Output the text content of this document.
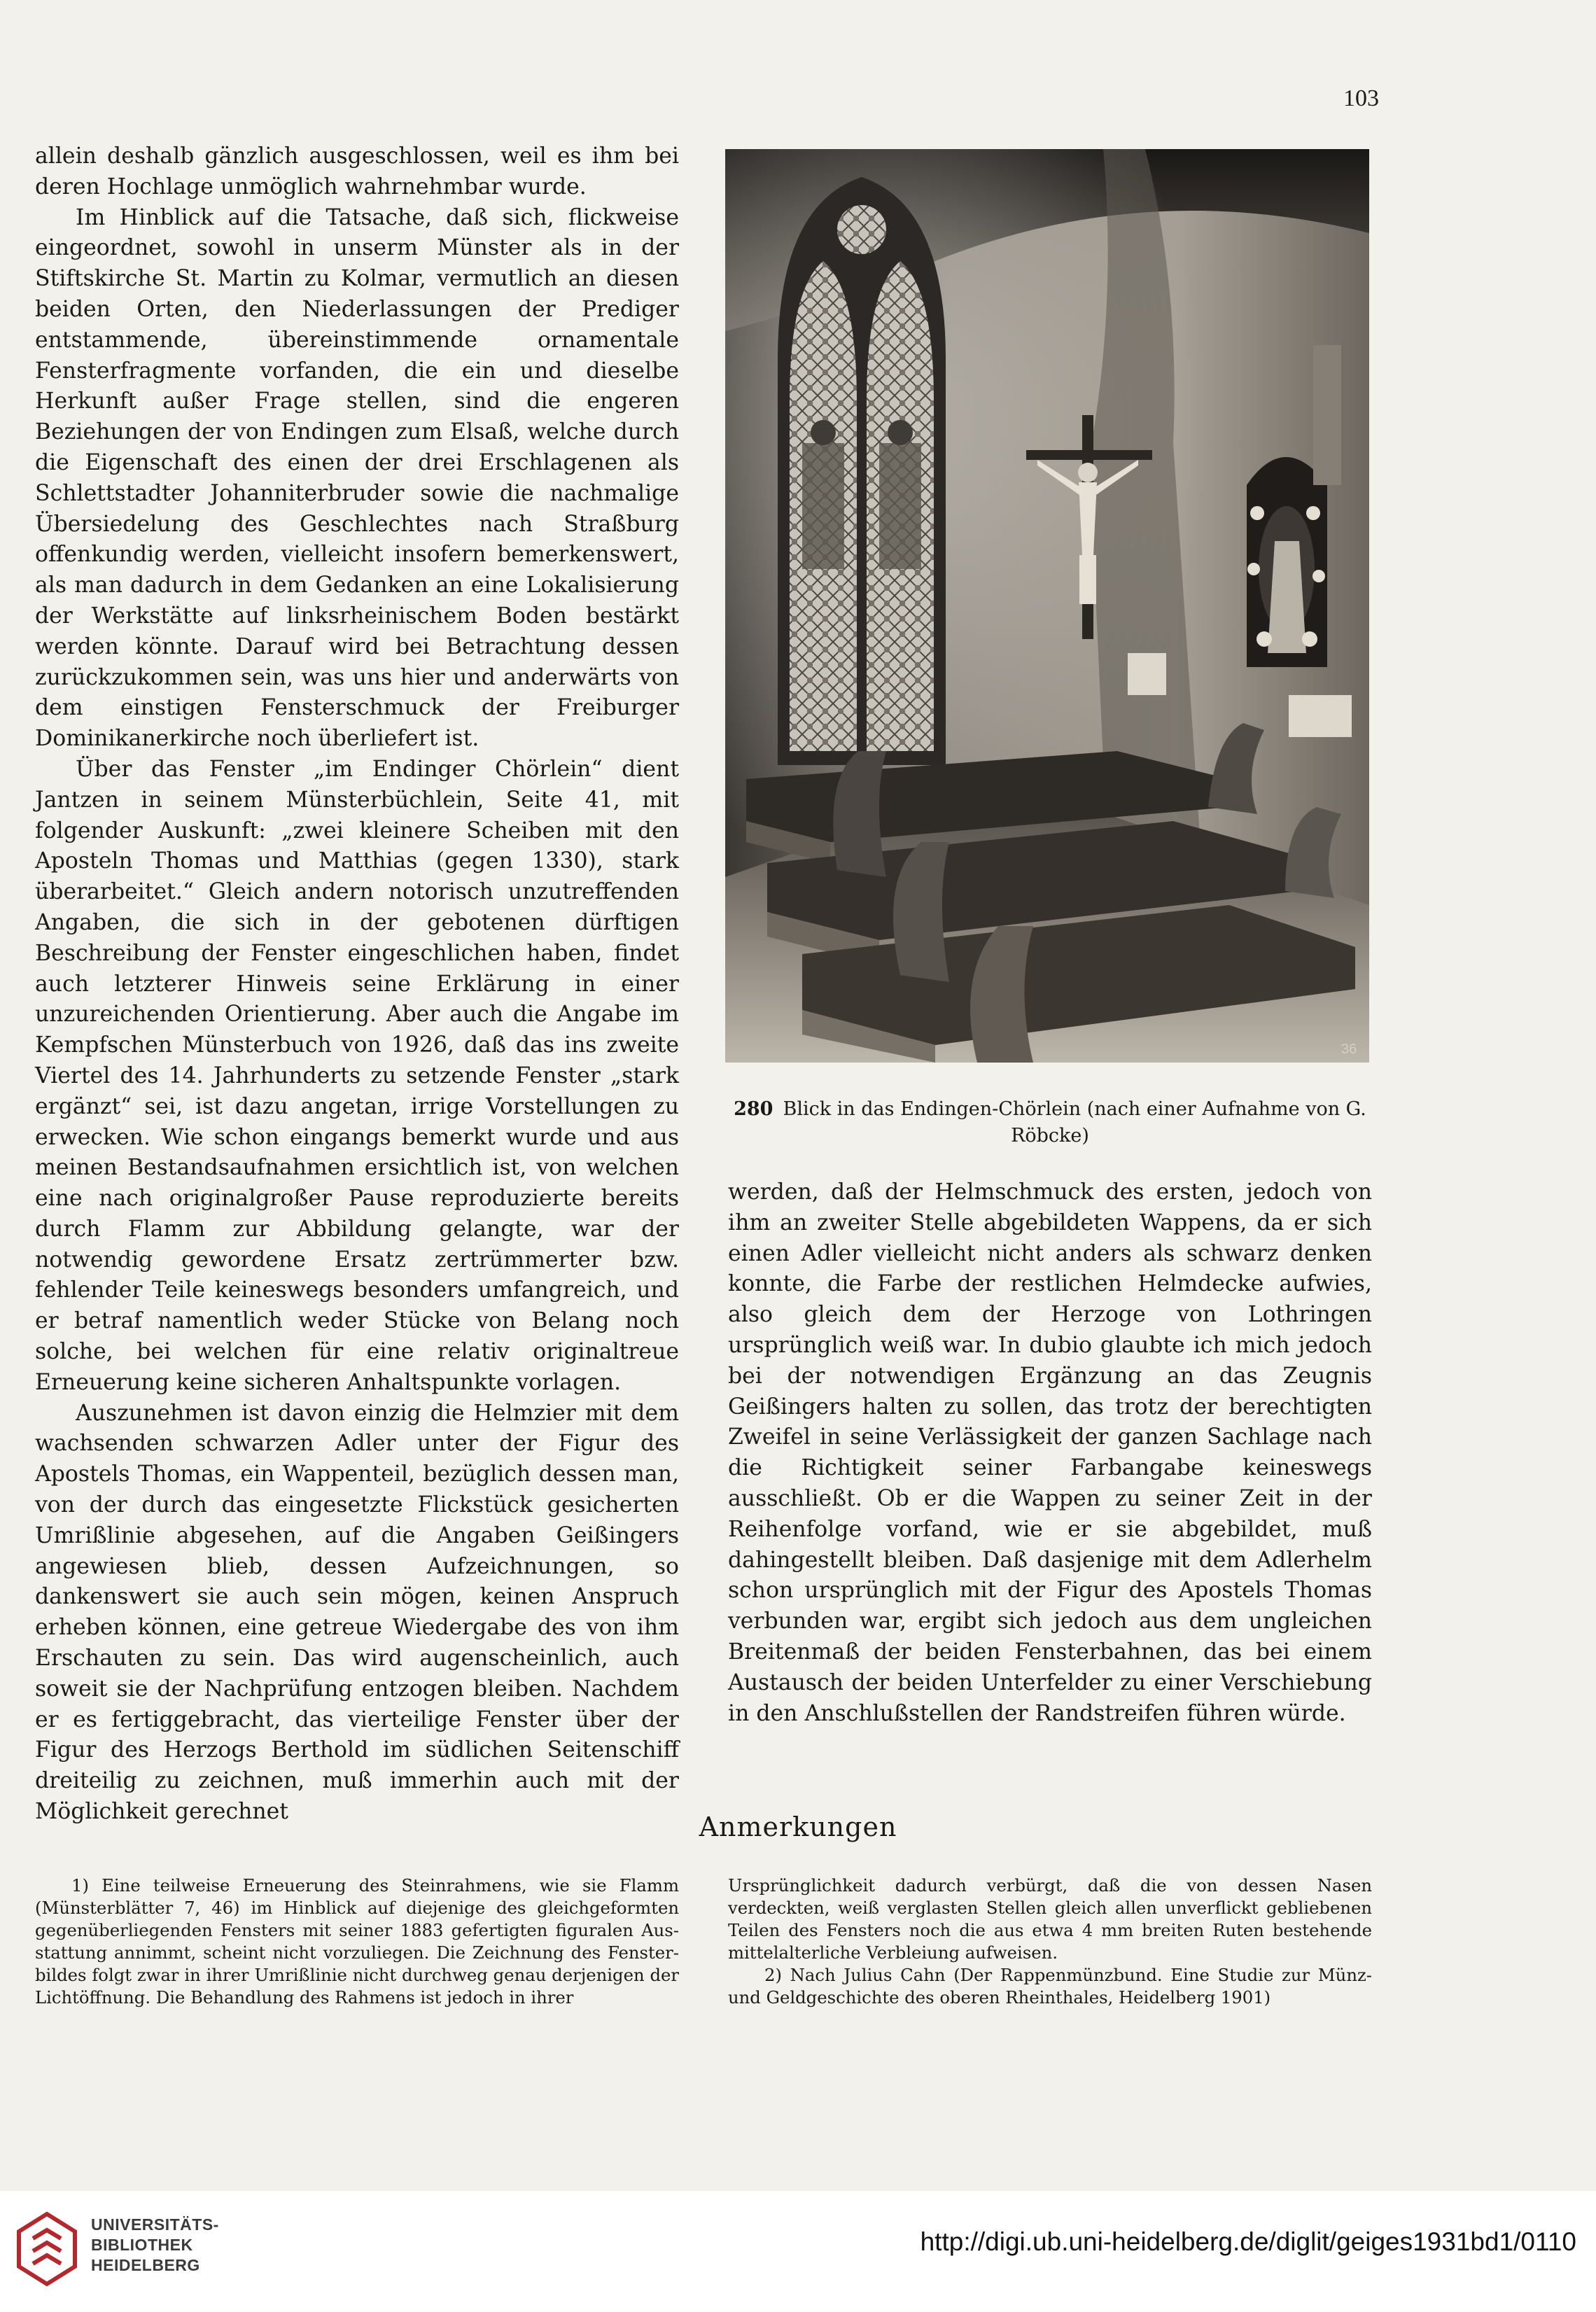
103

allein deshalb gänzlich ausgeschlossen, weil es ihm bei deren Hochlage unmöglich wahrnehmbar wurde.

Im Hinblick auf die Tatsache, daß sich, flickweise eingeordnet, sowohl in unserm Münster als in der Stiftskirche St. Martin zu Kolmar, vermutlich an diesen beiden Orten, den Niederlassungen der Prediger entstammende, übereinstimmende ornamentale Fensterfragmente vorfanden, die ein und dieselbe Herkunft außer Frage stellen, sind die engeren Beziehungen der von Endingen zum Elsaß, welche durch die Eigenschaft des einen der drei Erschlagenen als Schlettstadter Johanniterbruder sowie die nachmalige Übersiedelung des Geschlechtes nach Straßburg offenkundig werden, vielleicht insofern bemerkenswert, als man dadurch in dem Gedanken an eine Lokalisierung der Werkstätte auf linksrheinischem Boden bestärkt werden könnte. Darauf wird bei Betrachtung dessen zurückzukommen sein, was uns hier und anderwärts von dem einstigen Fensterschmuck der Freiburger Dominikanerkirche noch überliefert ist.

Über das Fenster „im Endinger Chörlein“ dient Jantzen in seinem Münsterbüchlein, Seite 41, mit folgender Auskunft: „zwei kleinere Scheiben mit den Aposteln Thomas und Matthias (gegen 1330), stark überarbeitet.“ Gleich andern notorisch unzutreffenden Angaben, die sich in der gebotenen dürftigen Beschreibung der Fenster eingeschlichen haben, findet auch letzterer Hinweis seine Erklärung in einer unzureichenden Orientierung. Aber auch die Angabe im Kempfschen Münsterbuch von 1926, daß das ins zweite Viertel des 14. Jahrhunderts zu setzende Fenster „stark ergänzt“ sei, ist dazu angetan, irrige Vorstellungen zu erwecken. Wie schon eingangs bemerkt wurde und aus meinen Bestandsaufnahmen ersichtlich ist, von welchen eine nach originalgroßer Pause reproduzierte bereits durch Flamm zur Abbildung gelangte, war der notwendig gewordene Ersatz zertrümmerter bzw. fehlender Teile keineswegs besonders umfangreich, und er betraf namentlich weder Stücke von Belang noch solche, bei welchen für eine relativ originaltreue Erneuerung keine sicheren Anhaltspunkte vorlagen.

Auszunehmen ist davon einzig die Helmzier mit dem wachsenden schwarzen Adler unter der Figur des Apostels Thomas, ein Wappenteil, bezüglich dessen man, von der durch das eingesetzte Flickstück gesicherten Umrißlinie abgesehen, auf die Angaben Geißingers angewiesen blieb, dessen Aufzeichnungen, so dankenswert sie auch sein mögen, keinen Anspruch erheben können, eine getreue Wiedergabe des von ihm Erschauten zu sein. Das wird augenscheinlich, auch soweit sie der Nachprüfung entzogen bleiben. Nachdem er es fertiggebracht, das vierteilige Fenster über der Figur des Herzogs Berthold im südlichen Seitenschiff dreiteilig zu zeichnen, muß immerhin auch mit der Möglichkeit gerechnet

36
280 Blick in das Endingen-Chörlein (nach einer Aufnahme von G. Röbcke)

werden, daß der Helmschmuck des ersten, jedoch von ihm an zweiter Stelle abgebildeten Wappens, da er sich einen Adler vielleicht nicht anders als schwarz denken konnte, die Farbe der restlichen Helmdecke aufwies, also gleich dem der Herzoge von Lothringen ursprünglich weiß war. In dubio glaubte ich mich jedoch bei der notwendigen Ergänzung an das Zeugnis Geißingers halten zu sollen, das trotz der berechtigten Zweifel in seine Verlässigkeit der ganzen Sachlage nach die Richtigkeit seiner Farbangabe keineswegs ausschließt. Ob er die Wappen zu seiner Zeit in der Reihenfolge vorfand, wie er sie abgebildet, muß dahingestellt bleiben. Daß dasjenige mit dem Adlerhelm schon ursprünglich mit der Figur des Apostels Thomas verbunden war, ergibt sich jedoch aus dem ungleichen Breitenmaß der beiden Fensterbahnen, das bei einem Austausch der beiden Unterfelder zu einer Verschiebung in den Anschlußstellen der Randstreifen führen würde.

Anmerkungen

1) Eine teilweise Erneuerung des Steinrahmens, wie sie Flamm (Münsterblätter 7, 46) im Hinblick auf diejenige des gleichgeformten gegenüberliegenden Fensters mit seiner 1883 gefertigten figuralen Ausstattung annimmt, scheint nicht vorzuliegen. Die Zeichnung des Fensterbildes folgt zwar in ihrer Umrißlinie nicht durchweg genau derjenigen der Lichtöffnung. Die Behandlung des Rahmens ist jedoch in ihrer

Ursprünglichkeit dadurch verbürgt, daß die von dessen Nasen verdeckten, weiß verglasten Stellen gleich allen unverflickt gebliebenen Teilen des Fensters noch die aus etwa 4 mm breiten Ruten bestehende mittelalterliche Verbleiung aufweisen.

2) Nach Julius Cahn (Der Rappenmünzbund. Eine Studie zur Münz- und Geldgeschichte des oberen Rheinthales, Heidelberg 1901)

UNIVERSITÄTS-
BIBLIOTHEK
HEIDELBERG
http://digi.ub.uni-heidelberg.de/diglit/geiges1931bd1/0110
